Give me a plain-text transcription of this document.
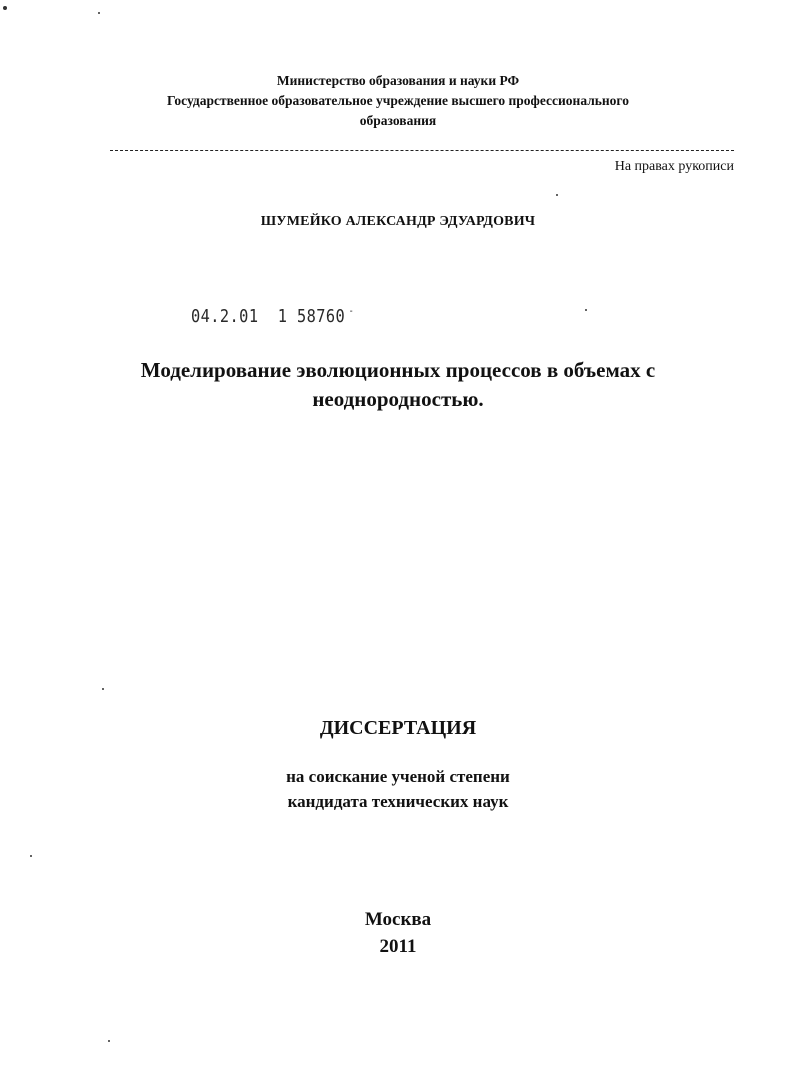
Министерство образования и науки РФ
Государственное образовательное учреждение высшего профессионального
образования
На правах рукописи
ШУМЕЙКО АЛЕКСАНДР ЭДУАРДОВИЧ
04.2.01  1 58760 -
Моделирование эволюционных процессов в объемах с
неоднородностью.
ДИССЕРТАЦИЯ
на соискание ученой степени
кандидата технических наук
Москва
2011
